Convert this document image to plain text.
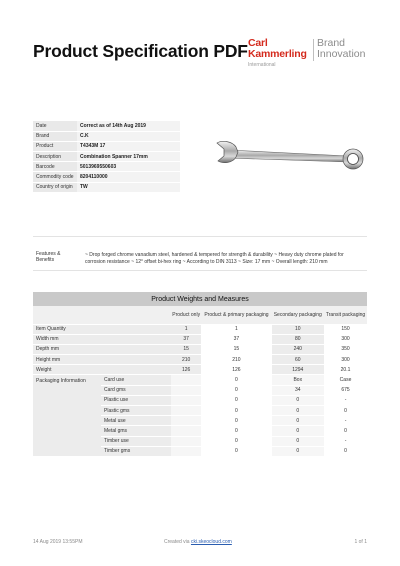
Product Specification PDF Carl
Kammerling
International
Brand
Innovation
Date	Correct as of 14th Aug 2019
Brand	C.K
Product	T4343M 17
Description	Combination Spanner 17mm
Barcode	5013969550603
Commodity code	8204110000
Country of origin	TW
Features & Benefits
~ Drop forged chrome vanadium steel, hardened & tempered for strength & durability ~ Heavy duty chrome plated for corrosion resistance ~ 12° offset bi-hex ring ~ According to DIN 3113 ~ Size: 17 mm ~ Overall length: 210 mm
Product Weights and Measures					
		Product only	Product & primary packaging	Secondary packaging	Transit packaging
Item Quantity		1	1	10	150
Width mm		37	37	80	300
Depth mm		15	15	240	350
Height mm		210	210	60	300
Weight		126	126	1294	20.1
Packaging Information	Card use		0	Box	Case
	Card gms		0	34	675
	Plastic use		0	0	-
	Plastic gms		0	0	0
	Metal use		0	0	-
	Metal gms		0	0	0
	Timber use		0	0	-
	Timber gms		0	0	0
14 Aug 2019 13:55PM	Created via cki.skeocloud.com	1 of 1
